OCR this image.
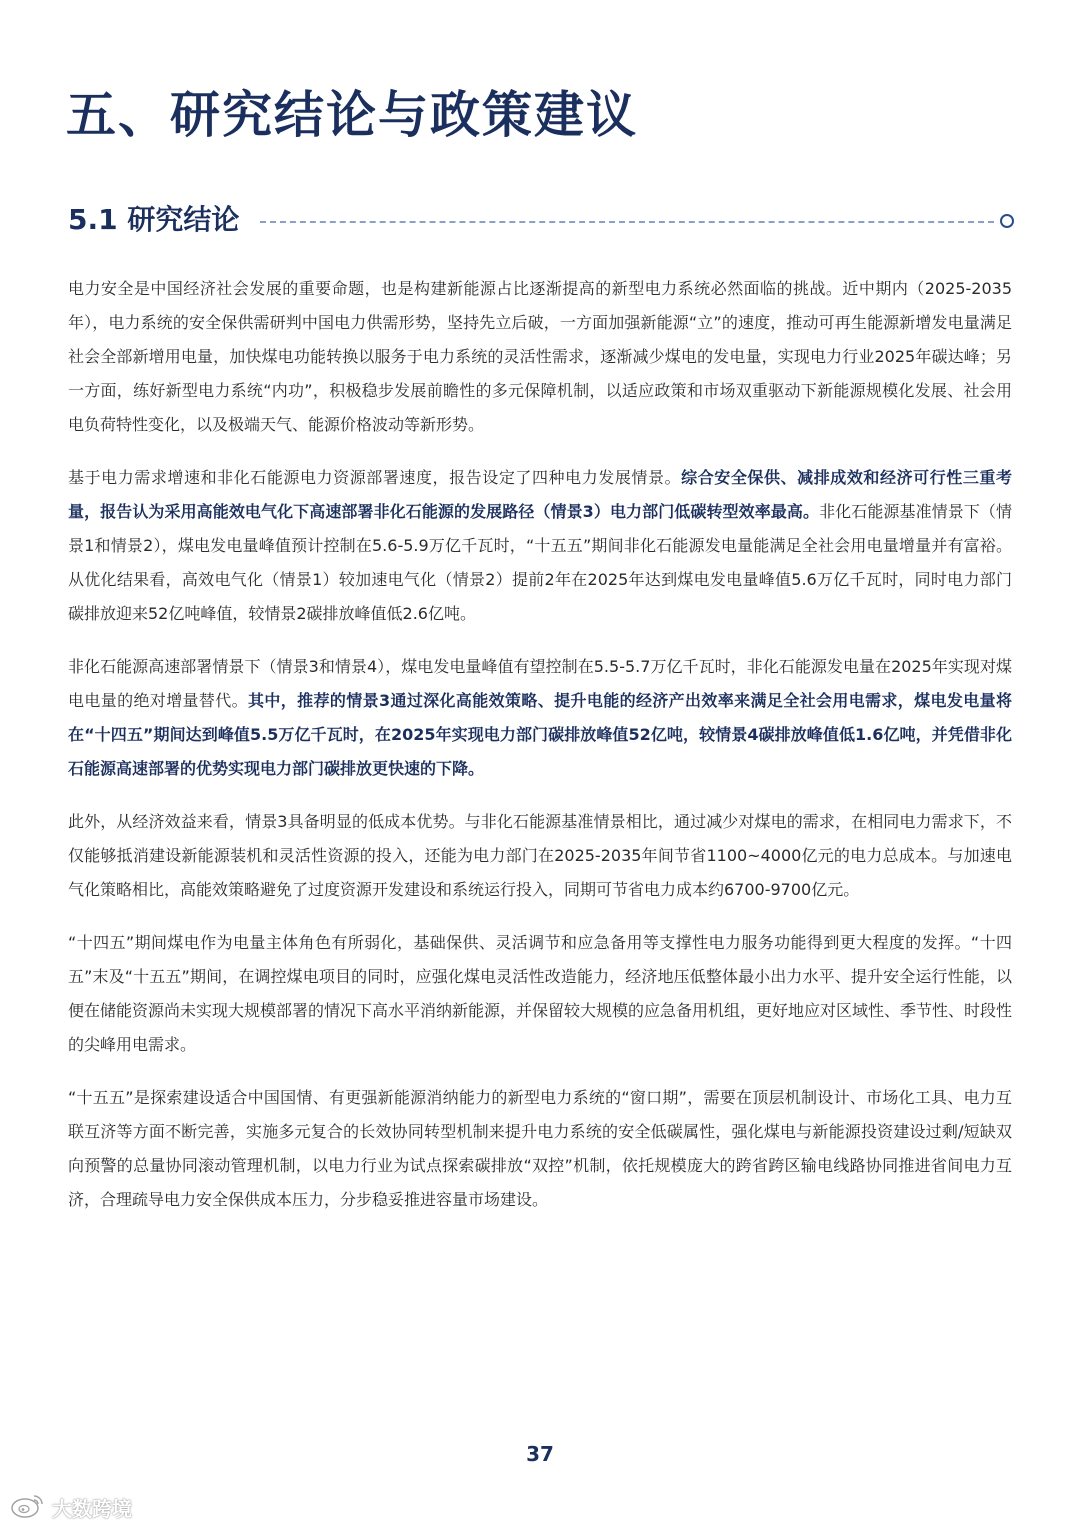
五、研究结论与政策建议
5.1 研究结论

电力安全是中国经济社会发展的重要命题，也是构建新能源占比逐渐提高的新型电力系统必然面临的挑战。近中期内（2025-2035年），电力系统的安全保供需研判中国电力供需形势，坚持先立后破，一方面加强新能源“立”的速度，推动可再生能源新增发电量满足社会全部新增用电量，加快煤电功能转换以服务于电力系统的灵活性需求，逐渐减少煤电的发电量，实现电力行业2025年碳达峰；另一方面，练好新型电力系统“内功”，积极稳步发展前瞻性的多元保障机制，以适应政策和市场双重驱动下新能源规模化发展、社会用电负荷特性变化，以及极端天气、能源价格波动等新形势。

基于电力需求增速和非化石能源电力资源部署速度，报告设定了四种电力发展情景。综合安全保供、减排成效和经济可行性三重考量，报告认为采用高能效电气化下高速部署非化石能源的发展路径（情景3）电力部门低碳转型效率最高。非化石能源基准情景下（情景1和情景2），煤电发电量峰值预计控制在5.6-5.9万亿千瓦时，“十五五”期间非化石能源发电量能满足全社会用电量增量并有富裕。从优化结果看，高效电气化（情景1）较加速电气化（情景2）提前2年在2025年达到煤电发电量峰值5.6万亿千瓦时，同时电力部门碳排放迎来52亿吨峰值，较情景2碳排放峰值低2.6亿吨。

非化石能源高速部署情景下（情景3和情景4），煤电发电量峰值有望控制在5.5-5.7万亿千瓦时，非化石能源发电量在2025年实现对煤电电量的绝对增量替代。其中，推荐的情景3通过深化高能效策略、提升电能的经济产出效率来满足全社会用电需求，煤电发电量将在“十四五”期间达到峰值5.5万亿千瓦时，在2025年实现电力部门碳排放峰值52亿吨，较情景4碳排放峰值低1.6亿吨，并凭借非化石能源高速部署的优势实现电力部门碳排放更快速的下降。

此外，从经济效益来看，情景3具备明显的低成本优势。与非化石能源基准情景相比，通过减少对煤电的需求，在相同电力需求下，不仅能够抵消建设新能源装机和灵活性资源的投入，还能为电力部门在2025-2035年间节省1100~4000亿元的电力总成本。与加速电气化策略相比，高能效策略避免了过度资源开发建设和系统运行投入，同期可节省电力成本约6700-9700亿元。

“十四五”期间煤电作为电量主体角色有所弱化，基础保供、灵活调节和应急备用等支撑性电力服务功能得到更大程度的发挥。“十四五”末及“十五五”期间，在调控煤电项目的同时，应强化煤电灵活性改造能力，经济地压低整体最小出力水平、提升安全运行性能，以便在储能资源尚未实现大规模部署的情况下高水平消纳新能源，并保留较大规模的应急备用机组，更好地应对区域性、季节性、时段性的尖峰用电需求。

“十五五”是探索建设适合中国国情、有更强新能源消纳能力的新型电力系统的“窗口期”，需要在顶层机制设计、市场化工具、电力互联互济等方面不断完善，实施多元复合的长效协同转型机制来提升电力系统的安全低碳属性，强化煤电与新能源投资建设过剩/短缺双向预警的总量协同滚动管理机制，以电力行业为试点探索碳排放“双控”机制，依托规模庞大的跨省跨区输电线路协同推进省间电力互济，合理疏导电力安全保供成本压力，分步稳妥推进容量市场建设。

37
大数跨境
